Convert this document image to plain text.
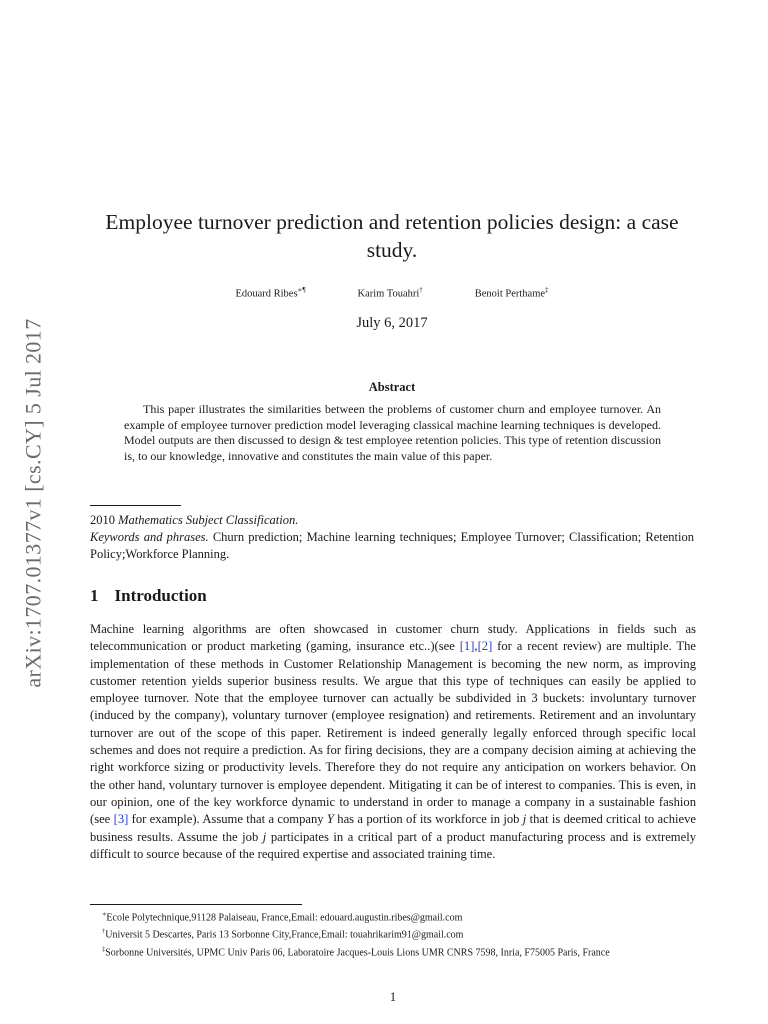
arXiv:1707.01377v1 [cs.CY] 5 Jul 2017
Employee turnover prediction and retention policies design: a case study.
Edouard Ribes∗¶	Karim Touahri†	Benoit Perthame‡
July 6, 2017
Abstract

This paper illustrates the similarities between the problems of customer churn and employee turnover. An example of employee turnover prediction model leveraging classical machine learning techniques is developed. Model outputs are then discussed to design & test employee retention policies. This type of retention discussion is, to our knowledge, innovative and constitutes the main value of this paper.

2010 Mathematics Subject Classification.

Keywords and phrases. Churn prediction; Machine learning techniques; Employee Turnover; Classification; Retention Policy;Workforce Planning.

1 Introduction

Machine learning algorithms are often showcased in customer churn study. Applications in fields such as telecommunication or product marketing (gaming, insurance etc..)(see [1],[2] for a recent review) are multiple. The implementation of these methods in Customer Relationship Management is becoming the new norm, as improving customer retention yields superior business results. We argue that this type of techniques can easily be applied to employee turnover. Note that the employee turnover can actually be subdivided in 3 buckets: involuntary turnover (induced by the company), voluntary turnover (employee resignation) and retirements. Retirement and an involuntary turnover are out of the scope of this paper. Retirement is indeed generally legally enforced through specific local schemes and does not require a prediction. As for firing decisions, they are a company decision aiming at achieving the right workforce sizing or productivity levels. Therefore they do not require any anticipation on workers behavior. On the other hand, voluntary turnover is employee dependent. Mitigating it can be of interest to companies. This is even, in our opinion, one of the key workforce dynamic to understand in order to manage a company in a sustainable fashion (see [3] for example). Assume that a company Y has a portion of its workforce in job j that is deemed critical to achieve business results. Assume the job j participates in a critical part of a product manufacturing process and is extremely difficult to source because of the required expertise and associated training time.

∗Ecole Polytechnique,91128 Palaiseau, France,Email: edouard.augustin.ribes@gmail.com

†Universit 5 Descartes, Paris 13 Sorbonne City,France,Email: touahrikarim91@gmail.com

‡Sorbonne Universités, UPMC Univ Paris 06, Laboratoire Jacques-Louis Lions UMR CNRS 7598, Inria, F75005 Paris, France

1
